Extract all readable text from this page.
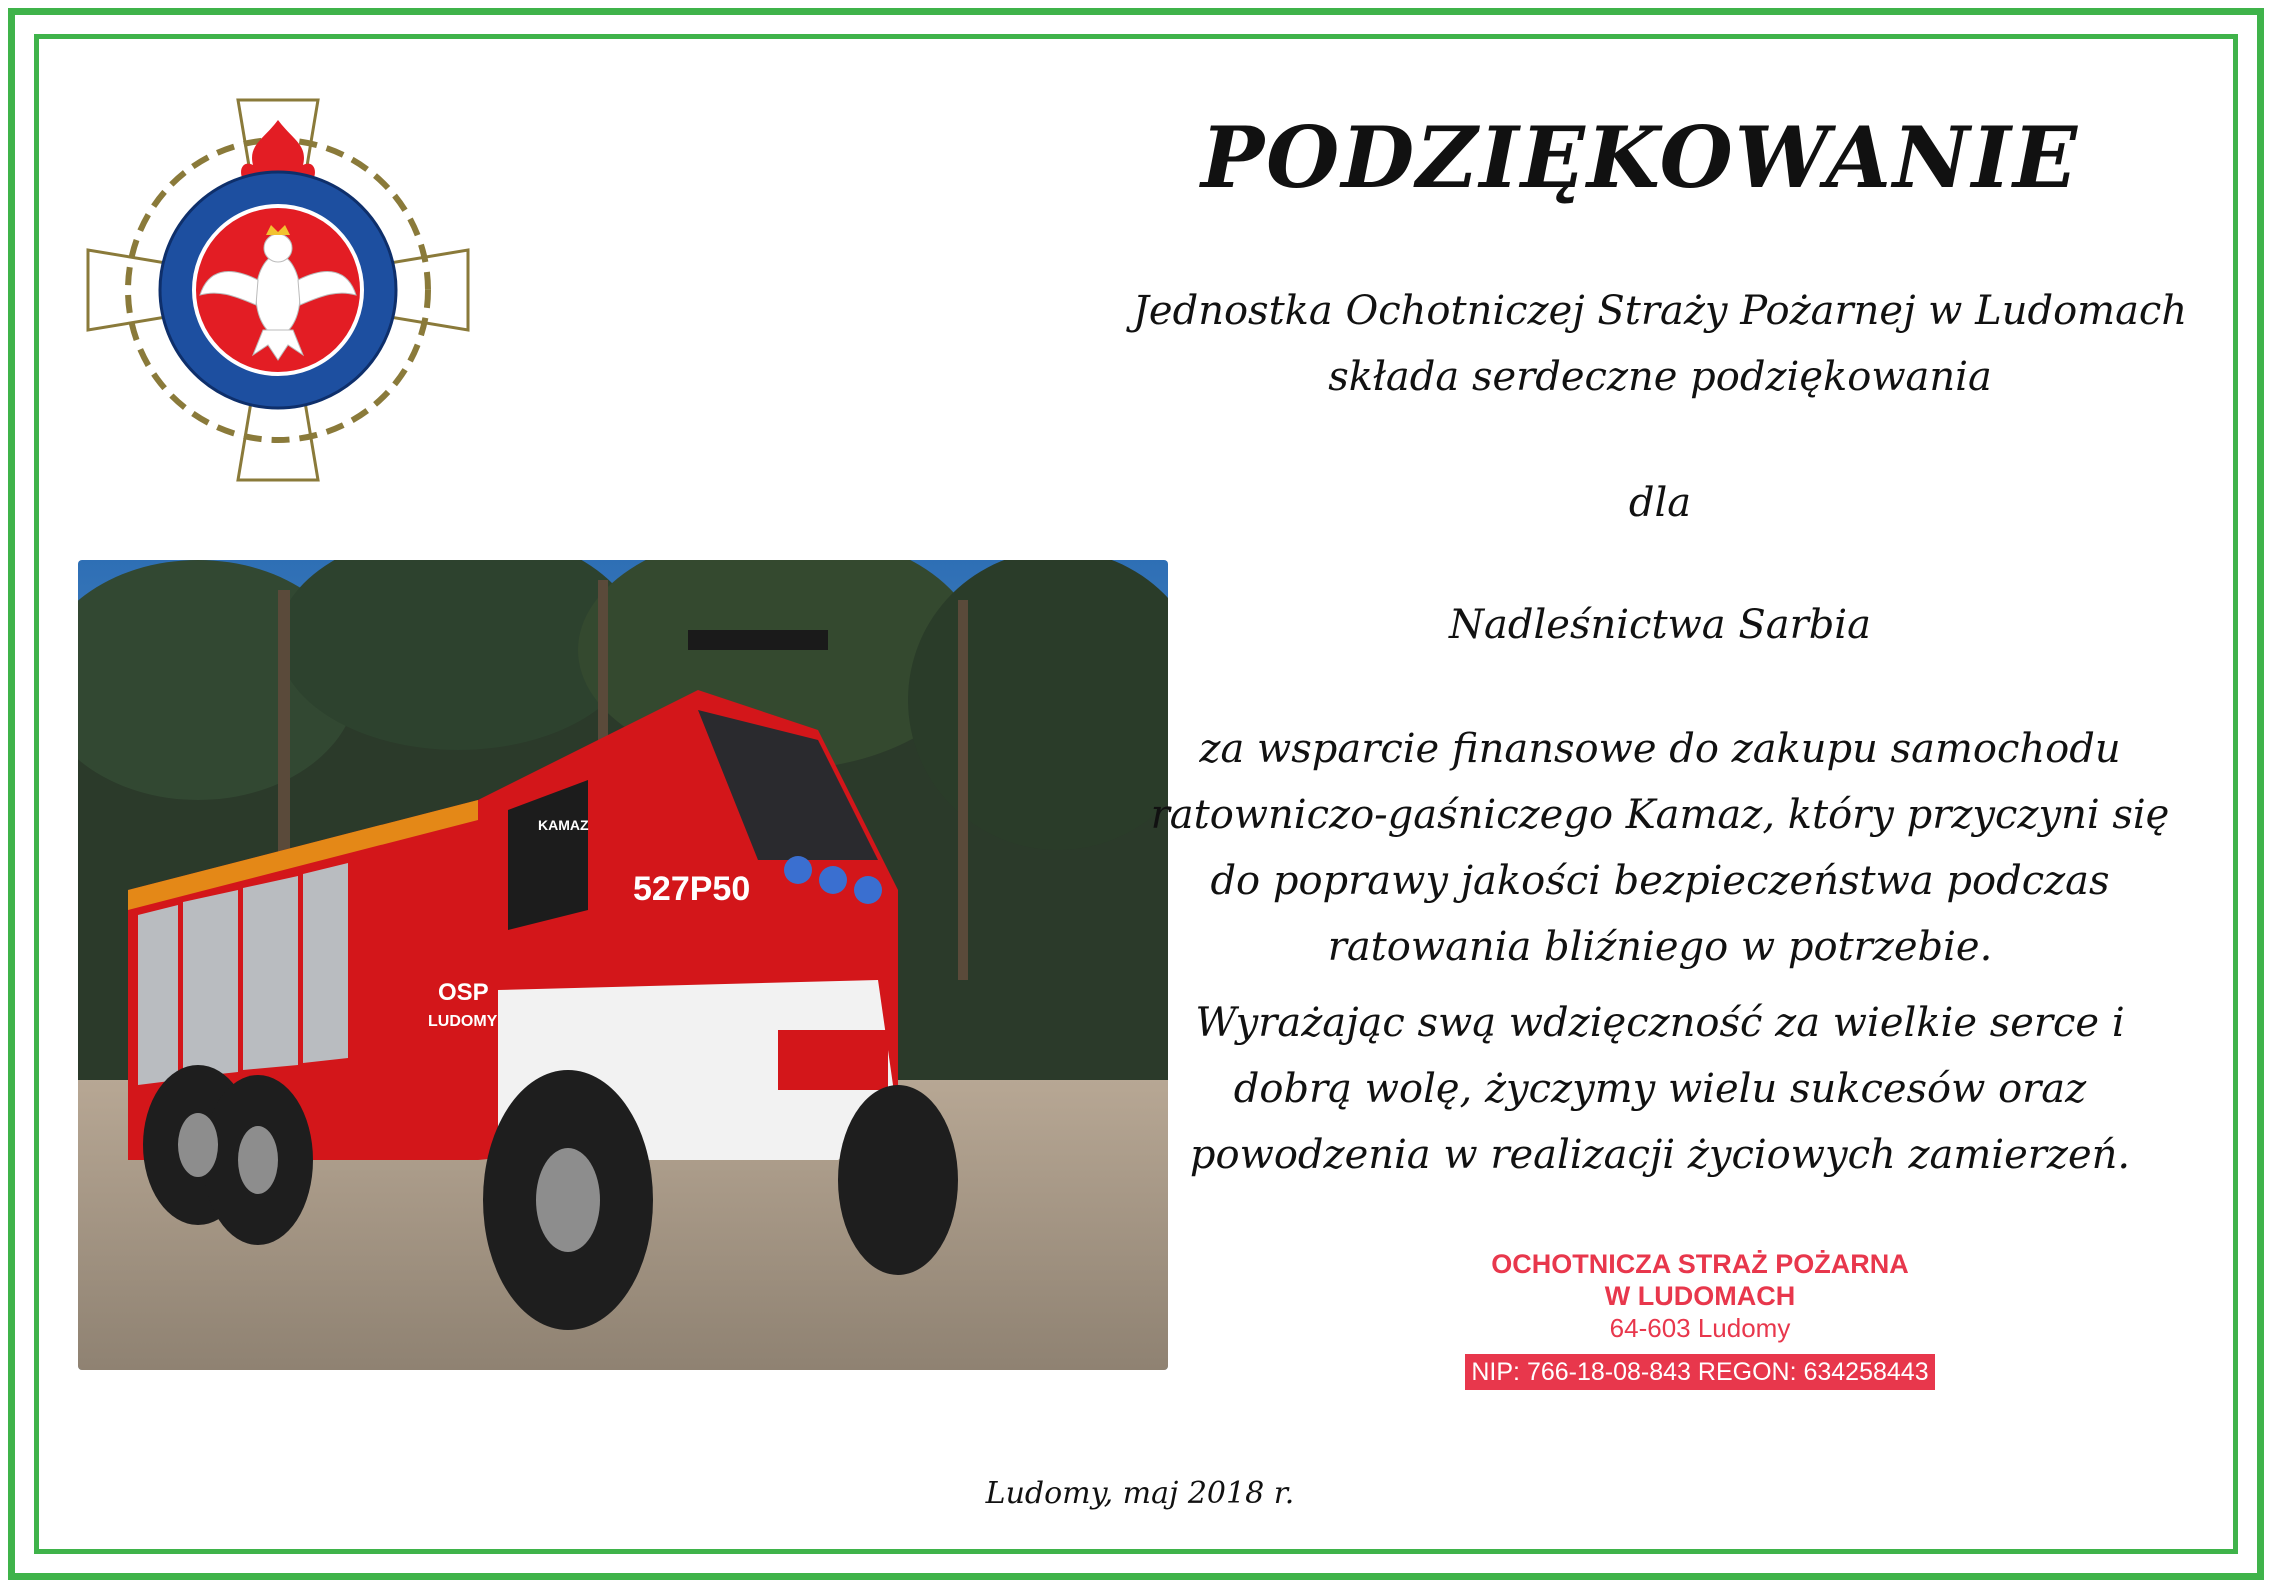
527P50
KAMAZ
OSP
LUDOMY
PODZIĘKOWANIE
Jednostka Ochotniczej Straży Pożarnej w Ludomach
składa serdeczne podziękowania
dla
Nadleśnictwa Sarbia
za wsparcie finansowe do zakupu samochodu ratowniczo-gaśniczego Kamaz, który przyczyni się do poprawy jakości bezpieczeństwa podczas ratowania bliźniego w potrzebie.
Wyrażając swą wdzięczność za wielkie serce i dobrą wolę, życzymy wielu sukcesów oraz powodzenia w realizacji życiowych zamierzeń.
OCHOTNICZA STRAŻ POŻARNA
W LUDOMACH
64-603 Ludomy
NIP: 766-18-08-843 REGON: 634258443
Ludomy, maj 2018 r.
